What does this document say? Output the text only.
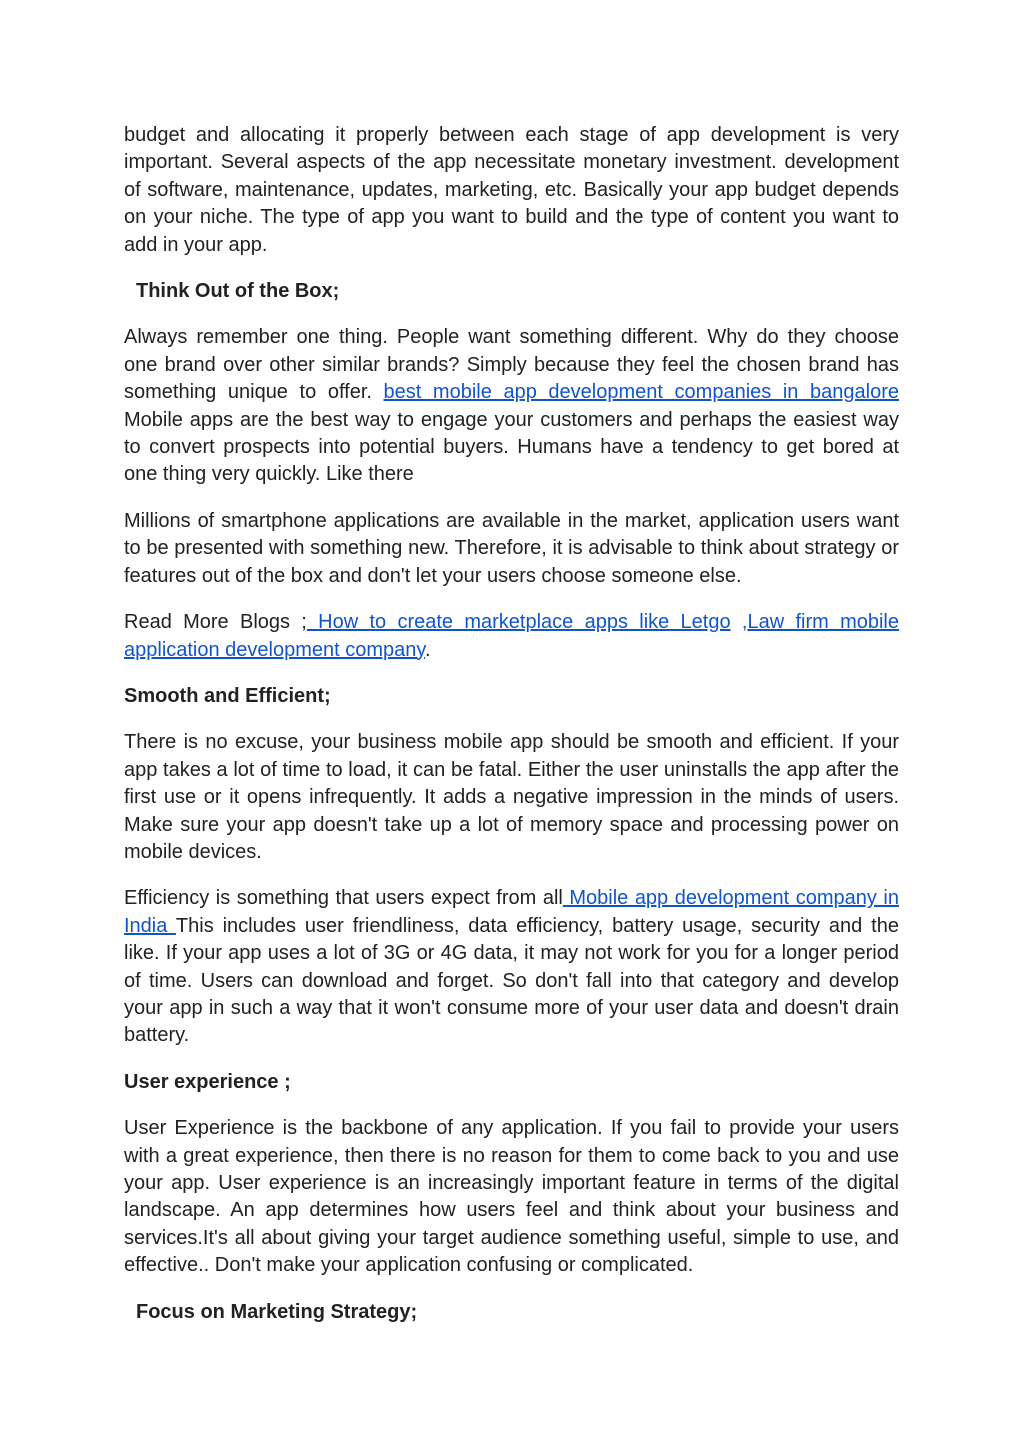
budget and allocating it properly between each stage of app development is very important. Several aspects of the app necessitate monetary investment. development of software, maintenance, updates, marketing, etc. Basically your app budget depends on your niche. The type of app you want to build and the type of content you want to add in your app.

Think Out of the Box;

Always remember one thing. People want something different. Why do they choose one brand over other similar brands? Simply because they feel the chosen brand has something unique to offer. best mobile app development companies in bangalore Mobile apps are the best way to engage your customers and perhaps the easiest way to convert prospects into potential buyers. Humans have a tendency to get bored at one thing very quickly. Like there

Millions of smartphone applications are available in the market, application users want to be presented with something new. Therefore, it is advisable to think about strategy or features out of the box and don't let your users choose someone else.

Read More Blogs ; How to create marketplace apps like Letgo ,Law firm mobile application development company.

Smooth and Efficient;

There is no excuse, your business mobile app should be smooth and efficient. If your app takes a lot of time to load, it can be fatal. Either the user uninstalls the app after the first use or it opens infrequently. It adds a negative impression in the minds of users. Make sure your app doesn't take up a lot of memory space and processing power on mobile devices.

Efficiency is something that users expect from all Mobile app development company in India This includes user friendliness, data efficiency, battery usage, security and the like. If your app uses a lot of 3G or 4G data, it may not work for you for a longer period of time. Users can download and forget. So don't fall into that category and develop your app in such a way that it won't consume more of your user data and doesn't drain battery.

User experience ;

User Experience is the backbone of any application. If you fail to provide your users with a great experience, then there is no reason for them to come back to you and use your app. User experience is an increasingly important feature in terms of the digital landscape. An app determines how users feel and think about your business and services.It's all about giving your target audience something useful, simple to use, and effective.. Don't make your application confusing or complicated.

Focus on Marketing Strategy;
